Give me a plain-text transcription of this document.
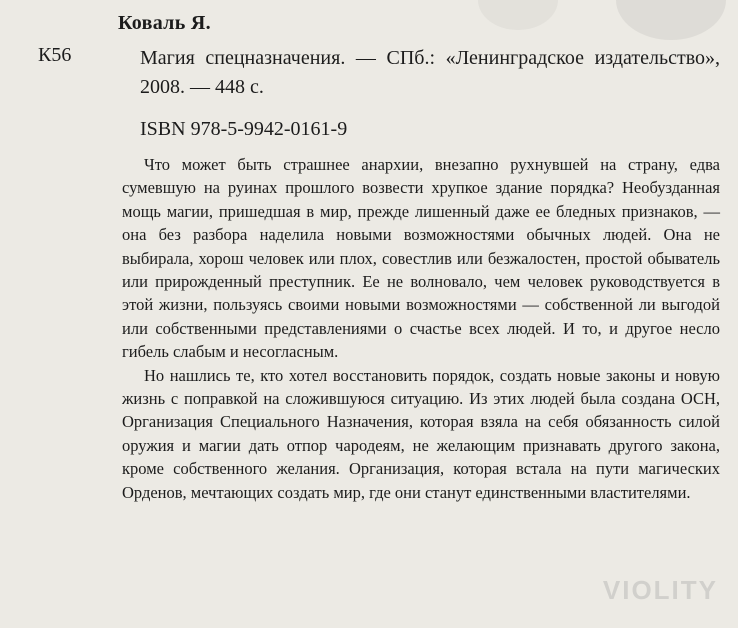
Коваль Я.
К56	Магия спецназначения. — СПб.: «Ленинградское издательство», 2008. — 448 с.
ISBN 978-5-9942-0161-9

Что может быть страшнее анархии, внезапно рухнувшей на страну, едва сумевшую на руинах прошлого возвести хрупкое здание порядка? Необузданная мощь магии, пришедшая в мир, прежде лишенный даже ее бледных признаков, — она без разбора наделила новыми возможностями обычных людей. Она не выбирала, хорош человек или плох, совестлив или безжалостен, простой обыватель или прирожденный преступник. Ее не волновало, чем человек руководствуется в этой жизни, пользуясь своими новыми возможностями — собственной ли выгодой или собственными представлениями о счастье всех людей. И то, и другое несло гибель слабым и несогласным.

Но нашлись те, кто хотел восстановить порядок, создать новые законы и новую жизнь с поправкой на сложившуюся ситуацию. Из этих людей была создана ОСН, Организация Специального Назначения, которая взяла на себя обязанность силой оружия и магии дать отпор чародеям, не желающим признавать другого закона, кроме собственного желания. Организация, которая встала на пути магических Орденов, мечтающих создать мир, где они станут единственными властителями.

VIOLITY
